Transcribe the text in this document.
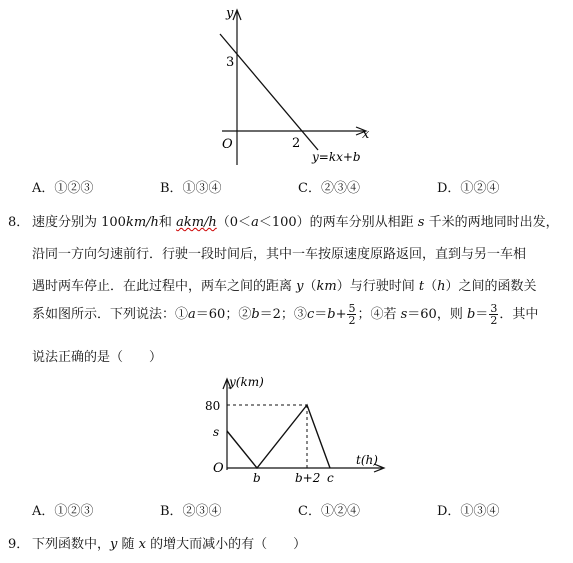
y
x
O
3
2
y=kx+b
A．①②③	B．①③④	C．②③④	D．①②④
8． 速度分别为 100km/h和 akm/h（0＜a＜100）的两车分别从相距 s 千米的两地同时出发，
沿同一方向匀速前行．行驶一段时间后，其中一车按原速度原路返回，直到与另一车相
遇时两车停止．在此过程中，两车之间的距离 y（km）与行驶时间 t（h）之间的函数关
系如图所示．下列说法：①a＝60；②b＝2；③c＝b+ $\frac{5}{2}$ ；④若 s＝60，则 $b= \frac{3}{2}$ ．其中
说法正确的是（　　）
y(km)
t(h)
O
80
s
b	b+2 c
A．①②③	B．②③④	C．①②④	D．①③④
9． 下列函数中，y 随 x 的增大而减小的有（　　）
